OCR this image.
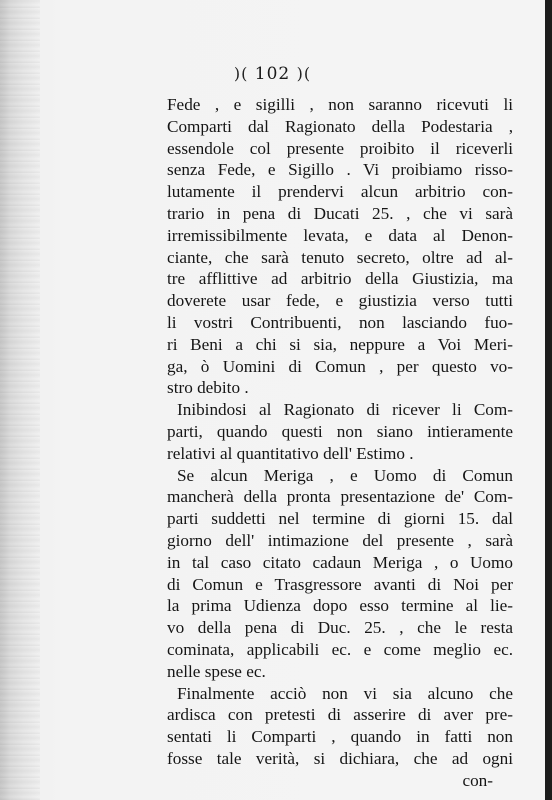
)( 102 )(
Fede , e sigilli , non saranno ricevuti li
Comparti dal Ragionato della Podestaria ,
essendole col presente proibito il riceverli
senza Fede, e Sigillo . Vi proibiamo risso-
lutamente il prendervi alcun arbitrio con-
trario in pena di Ducati 25. , che vi sarà
irremissibilmente levata, e data al Denon-
ciante, che sarà tenuto secreto, oltre ad al-
tre afflittive ad arbitrio della Giustizia, ma
doverete usar fede, e giustizia verso tutti
li vostri Contribuenti, non lasciando fuo-
ri Beni a chi si sia, neppure a Voi Meri-
ga, ò Uomini di Comun , per questo vo-
stro debito .
Inibindosi al Ragionato di ricever li Com-
parti, quando questi non siano intieramente
relativi al quantitativo dell' Estimo .
Se alcun Meriga , e Uomo di Comun
mancherà della pronta presentazione de' Com-
parti suddetti nel termine di giorni 15. dal
giorno dell' intimazione del presente , sarà
in tal caso citato cadaun Meriga , o Uomo
di Comun e Trasgressore avanti di Noi per
la prima Udienza dopo esso termine al lie-
vo della pena di Duc. 25. , che le resta
cominata, applicabili ec. e come meglio ec.
nelle spese ec.
Finalmente acciò non vi sia alcuno che
ardisca con pretesti di asserire di aver pre-
sentati li Comparti , quando in fatti non
fosse tale verità, si dichiara, che ad ogni
con-
